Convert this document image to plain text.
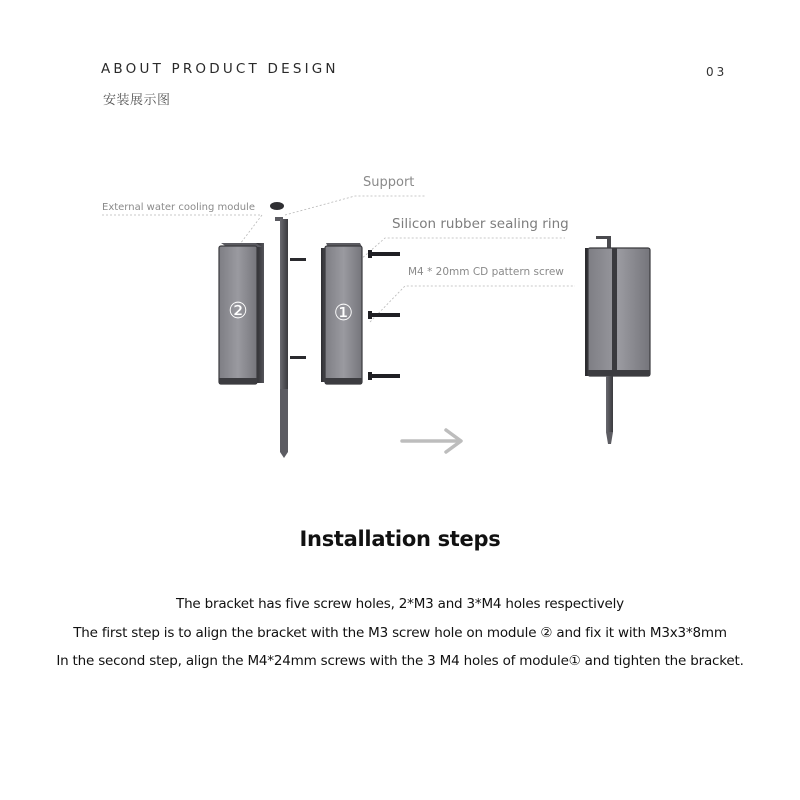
ABOUT PRODUCT DESIGN
安装展示图
03
②	①
Support
Silicon rubber sealing ring
M4 * 20mm CD pattern screw
External water cooling module
Installation steps
The bracket has five screw holes, 2*M3 and 3*M4 holes respectively
The first step is to align the bracket with the M3 screw hole on module ② and fix it with M3x3*8mm
In the second step, align the M4*24mm screws with the 3 M4 holes of module① and tighten the bracket.
